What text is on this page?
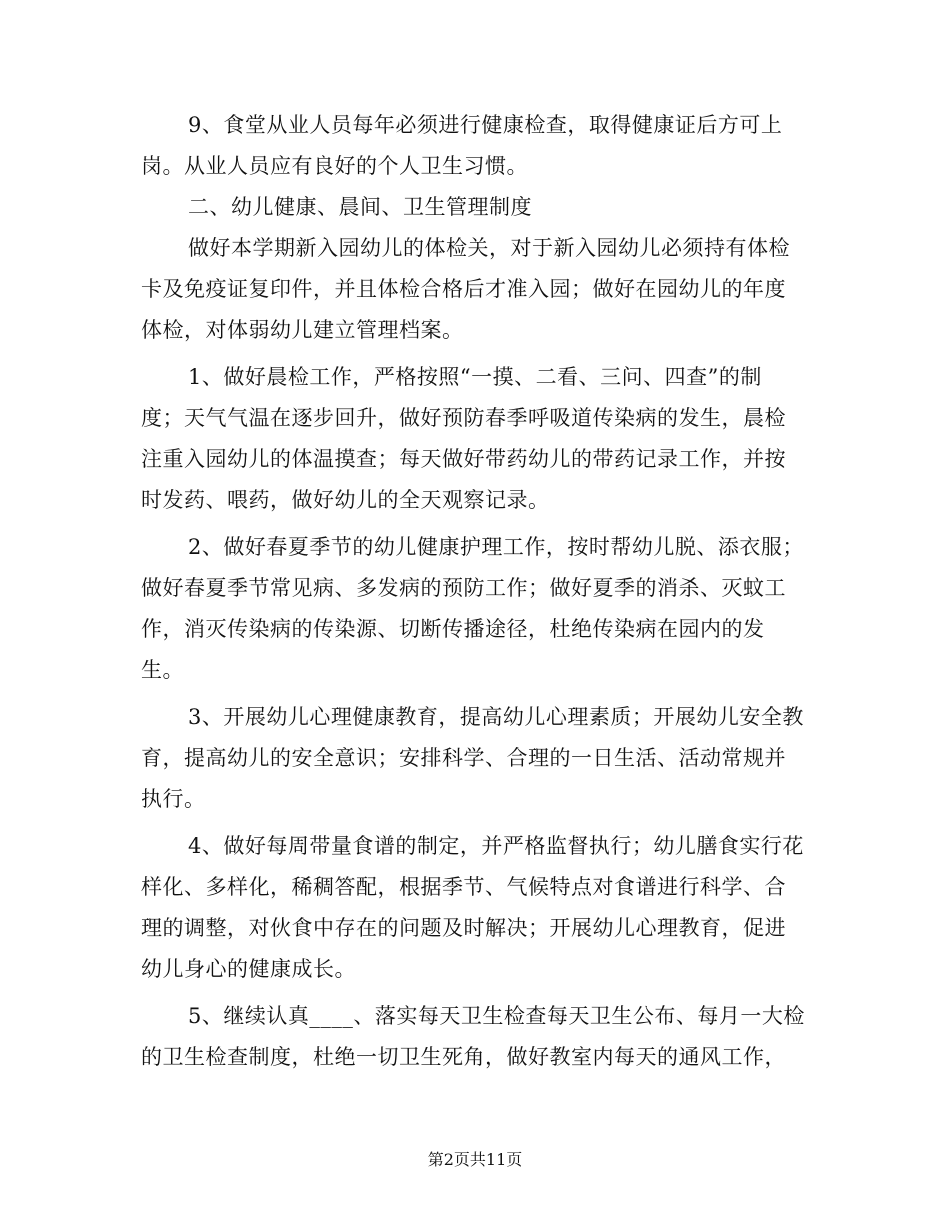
9、食堂从业人员每年必须进行健康检查，取得健康证后方可上
岗。从业人员应有良好的个人卫生习惯。
二、幼儿健康、晨间、卫生管理制度
做好本学期新入园幼儿的体检关，对于新入园幼儿必须持有体检
卡及免疫证复印件，并且体检合格后才准入园；做好在园幼儿的年度
体检，对体弱幼儿建立管理档案。
1、做好晨检工作，严格按照“一摸、二看、三问、四查”的制
度；天气气温在逐步回升，做好预防春季呼吸道传染病的发生，晨检
注重入园幼儿的体温摸查；每天做好带药幼儿的带药记录工作，并按
时发药、喂药，做好幼儿的全天观察记录。
2、做好春夏季节的幼儿健康护理工作，按时帮幼儿脱、添衣服；
做好春夏季节常见病、多发病的预防工作；做好夏季的消杀、灭蚊工
作，消灭传染病的传染源、切断传播途径，杜绝传染病在园内的发
生。
3、开展幼儿心理健康教育，提高幼儿心理素质；开展幼儿安全教
育，提高幼儿的安全意识；安排科学、合理的一日生活、活动常规并
执行。
4、做好每周带量食谱的制定，并严格监督执行；幼儿膳食实行花
样化、多样化，稀稠答配，根据季节、气候特点对食谱进行科学、合
理的调整，对伙食中存在的问题及时解决；开展幼儿心理教育，促进
幼儿身心的健康成长。
5、继续认真____、落实每天卫生检查每天卫生公布、每月一大检
的卫生检查制度，杜绝一切卫生死角，做好教室内每天的通风工作，
第2页共11页
